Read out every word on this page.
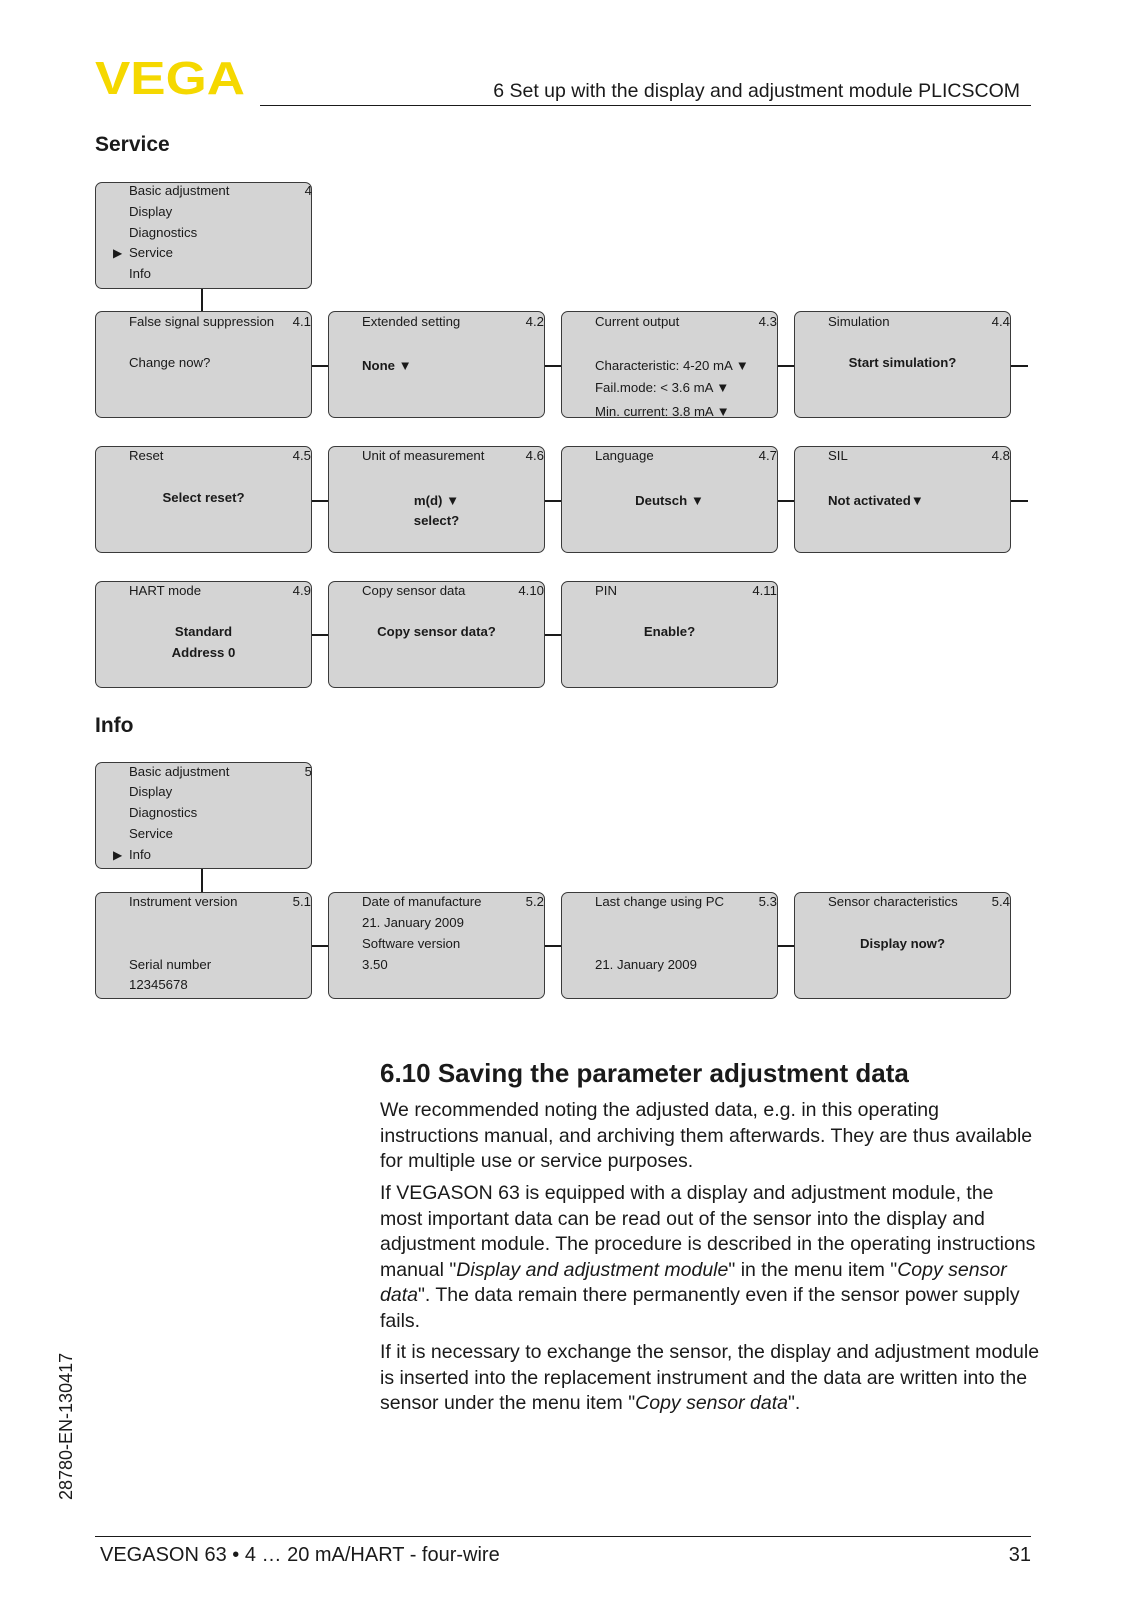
VEGA	6 Set up with the display and adjustment module PLICSCOM
Service
Basic adjustment
Display
Diagnostics
▶ Service
Info
4
False signal suppression 4.1
Change now?
Extended setting	4.2
None ▼
Current output	4.3
Characteristic: 4-20 mA ▼
Fail.mode: < 3.6 mA ▼
Min. current: 3.8 mA ▼
Simulation	4.4
Start simulation?
Reset	4.5
Select reset?
Unit of measurement	4.6
m(d) ▼
select?
Language	4.7
Deutsch ▼
SIL	4.8
Not activated▼
HART mode	4.9
Standard
Address 0
Copy sensor data	4.10
Copy sensor data?
PIN	4.11
Enable?
Info
Basic adjustment
Display
Diagnostics
Service
▶ Info
5
Instrument version	5.1
Serial number
12345678
Date of manufacture	5.2
21. January 2009
Software version
3.50
Last change using PC	5.3
21. January 2009
Sensor characteristics	5.4
Display now?
6.10 Saving the parameter adjustment data

We recommended noting the adjusted data, e.g. in this operating instructions manual, and archiving them afterwards. They are thus available for multiple use or service purposes.

If VEGASON 63 is equipped with a display and adjustment module, the most important data can be read out of the sensor into the display and adjustment module. The procedure is described in the operating instructions manual "Display and adjustment module" in the menu item "Copy sensor data". The data remain there permanently even if the sensor power supply fails.

If it is necessary to exchange the sensor, the display and adjustment module is inserted into the replacement instrument and the data are written into the sensor under the menu item "Copy sensor data".

28780-EN-130417
VEGASON 63 • 4 … 20 mA/HART - four-wire	31
